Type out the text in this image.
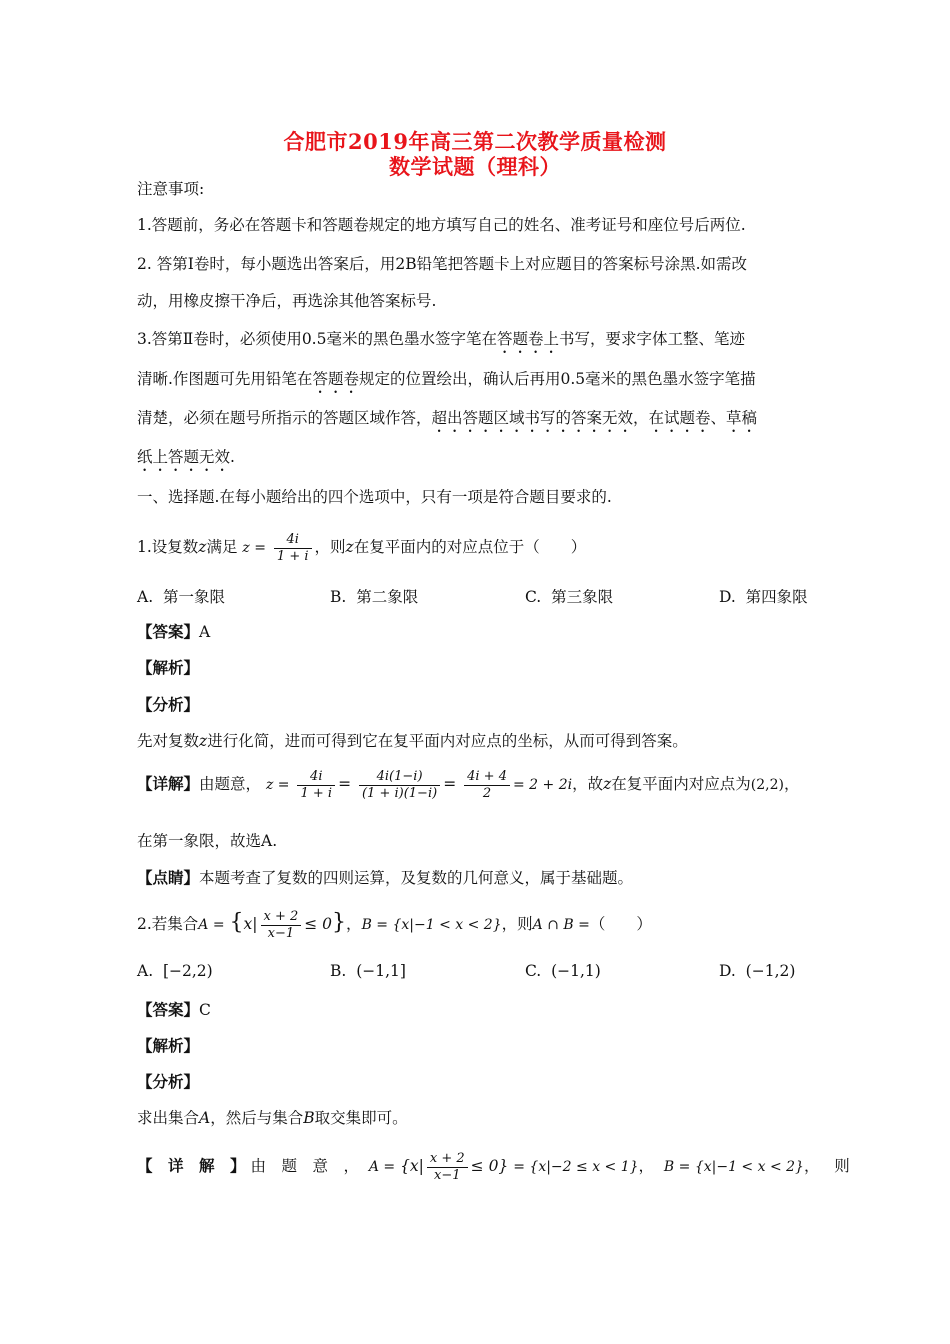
合肥市2019年高三第二次教学质量检测
数学试题（理科）
注意事项:
1.答题前，务必在答题卡和答题卷规定的地方填写自己的姓名、准考证号和座位号后两位.
2. 答第Ⅰ卷时，每小题选出答案后，用2B铅笔把答题卡上对应题目的答案标号涂黑.如需改
动，用橡皮擦干净后，再选涂其他答案标号.
3.答第Ⅱ卷时，必须使用0.5毫米的黑色墨水签字笔在答题卷上书写，要求字体工整、笔迹
清晰.作图题可先用铅笔在答题卷规定的位置绘出，确认后再用0.5毫米的黑色墨水签字笔描
清楚，必须在题号所指示的答题区域作答，超出答题区域书写的答案无效，在试题卷、草稿
纸上答题无效.
一、选择题.在每小题给出的四个选项中，只有一项是符合题目要求的.
1.设复数z满足 $z = \frac{4i}{1 + i}$ ，则z在复平面内的对应点位于（　　）
A. 第一象限	B. 第二象限	C. 第三象限	D. 第四象限
【答案】A
【解析】
【分析】
先对复数z进行化简，进而可得到它在复平面内对应点的坐标，从而可得到答案。
【详解】由题意， $z = \frac{4i}{1 + i} = \frac{4i(1-i)}{(1 + i)(1-i)} = \frac{4i + 4}{2} = 2 + 2i$，故z在复平面内对应点为(2,2)，
在第一象限，故选A.
【点睛】本题考查了复数的四则运算，及复数的几何意义，属于基础题。
2.若集合$A = \{x| \frac{x + 2}{x-1} \le 0\}$，B = {x|−1 < x < 2}，则A ∩ B =（　　）
A. [−2,2)	B. (−1,1]	C. (−1,1)	D. (−1,2)
【答案】C
【解析】
【分析】
求出集合A，然后与集合B取交集即可。
【　详　解　】 由　题　意　， $A = \{x| \frac{x + 2}{x-1} \le 0\} = \{x|-2 \le x < 1\}$，  B = {x|−1 < x < 2}，   则
